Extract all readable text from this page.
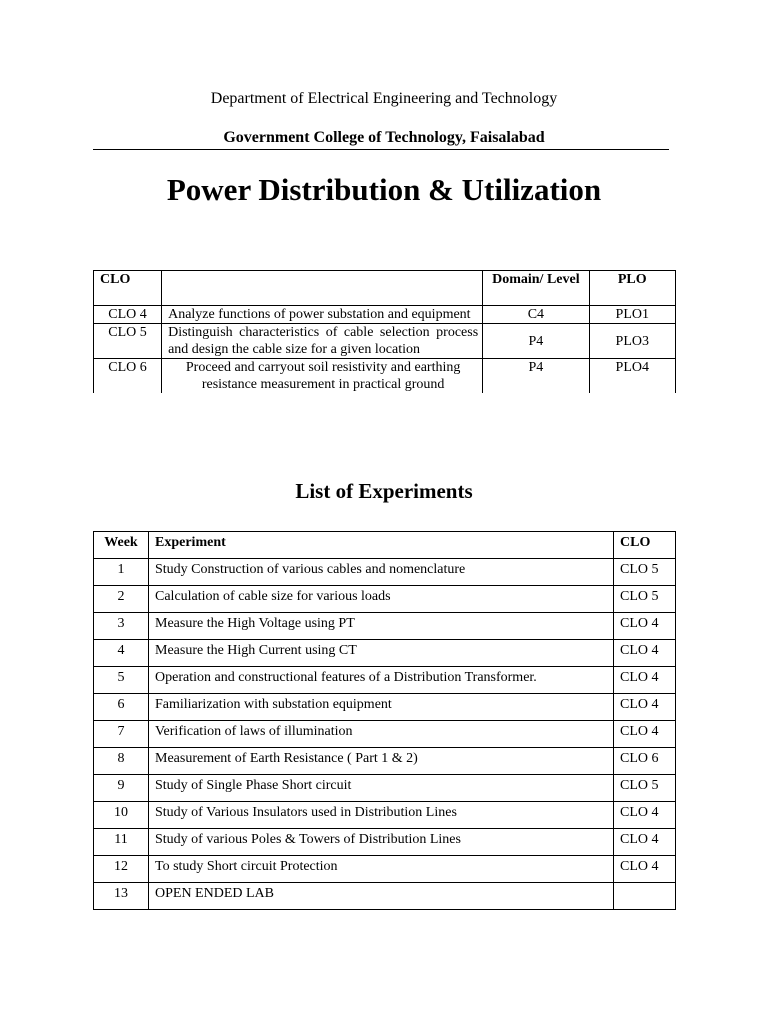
Department of Electrical Engineering and Technology
Government College of Technology, Faisalabad
Power Distribution & Utilization
CLO		Domain/ Level	PLO
CLO 4	Analyze functions of power substation and equipment	C4	PLO1
CLO 5	Distinguish characteristics of cable selection process and design the cable size for a given location	P4	PLO3
CLO 6	Proceed and carryout soil resistivity and earthing resistance measurement in practical ground	P4	PLO4
List of Experiments
Week	Experiment	CLO
1	Study Construction of various cables and nomenclature	CLO 5
2	Calculation of cable size for various loads	CLO 5
3	Measure the High Voltage using PT	CLO 4
4	Measure the High Current using CT	CLO 4
5	Operation and constructional features of a Distribution Transformer.	CLO 4
6	Familiarization with substation equipment	CLO 4
7	Verification of laws of illumination	CLO 4
8	Measurement of Earth Resistance ( Part 1 & 2)	CLO 6
9	Study of Single Phase Short circuit	CLO 5
10	Study of Various Insulators used in Distribution Lines	CLO 4
11	Study of various Poles & Towers of Distribution Lines	CLO 4
12	To study Short circuit Protection	CLO 4
13	OPEN ENDED LAB	
